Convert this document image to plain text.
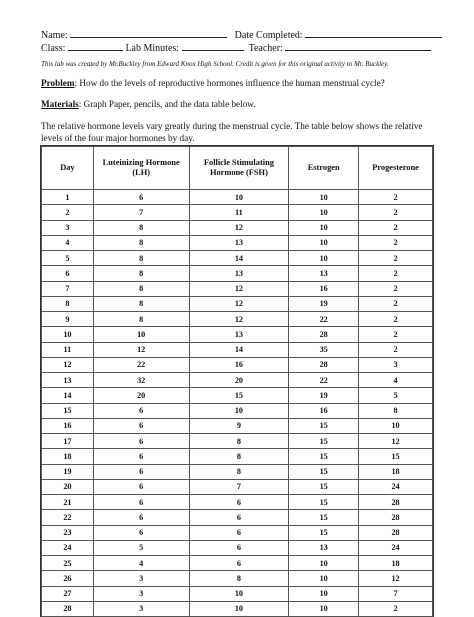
Name:	Date Completed:
Class:	Lab Minutes:	Teacher:
This lab was created by Mr.Buckley from Edward Knox High School. Credit is given for this original activity to Mr. Buckley.
Problem: How do the levels of reproductive hormones influence the human menstrual cycle?
Materials: Graph Paper, pencils, and the data table below.
The relative hormone levels vary greatly during the menstrual cycle. The table below shows the relative levels of the four major hormones by day.
Day	Luteinizing Hormone (LH)	Follicle Stimulating Hormone (FSH)	Estrogen	Progesterone
1	6	10	10	2
2	7	11	10	2
3	8	12	10	2
4	8	13	10	2
5	8	14	10	2
6	8	13	13	2
7	8	12	16	2
8	8	12	19	2
9	8	12	22	2
10	10	13	28	2
11	12	14	35	2
12	22	16	28	3
13	32	20	22	4
14	20	15	19	5
15	6	10	16	8
16	6	9	15	10
17	6	8	15	12
18	6	8	15	15
19	6	8	15	18
20	6	7	15	24
21	6	6	15	28
22	6	6	15	28
23	6	6	15	28
24	5	6	13	24
25	4	6	10	18
26	3	8	10	12
27	3	10	10	7
28	3	10	10	2
